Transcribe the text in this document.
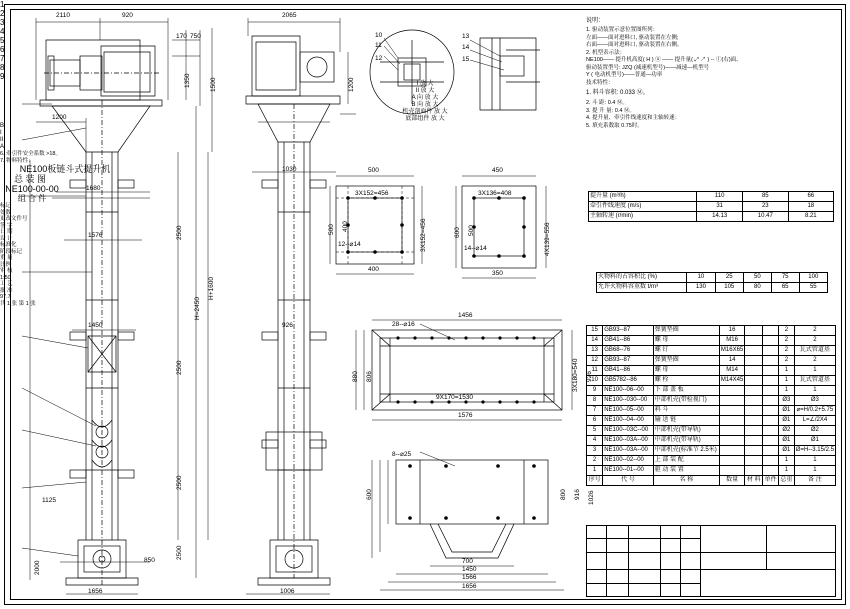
1
2
3
4
5
6
7
8
9
2110	920
170 750
1350	1500
1200
1680
2500
1576
H+1600
H=2450
1450
2500
2500
1125
2000
2500
850
1656
2065
1200
1030
926
1006
10
11
12
13
14
15
I 放 大
II 放 大
A 向 放 大
B 向 放 大
机壳剖面件 放 大
底部组件 放 大
500
3X152=456
500 400	3X152=456
12--⌀14
400
450
3X136=408
600 500	4X139=556
14--⌀14
350
1456
28--⌀16
880 806	3X180=540 926
9X170=1530
1576
8--⌀25
600	800 916 1026
700
1450
1566
1656
B
I
II
A
说明：
1. 驱动装置示意位置图所列：
左面——面对进料口, 驱动装置在左侧;
右面——面对进料口, 驱动装置在右侧。
2. 机型表示法：
NE100—— 提升机高度( H ) ⓤ —— 提升量( ⤢ ↗ ) -- ⓛ(右)面、
驱动装置型号: JZQ (减速机型号)——减速—机型号
Y ( 电动机型号)——普通—功率
技术特性：
1. 料斗容积: 0.033 Ⓜ。
2. 斗 距: 0.4 Ⓜ。
3. 提 升 量: 0.4 Ⓜ。
4. 提升量、牵引件线速度和主轴转速：
5. 填充系数取 0.75时。
提升量 (m³/h)	110	85	66
牵引件线速度 (m/s)	31	23	18
主轴转速 (r/min)	14.13	10.47	8.21
6. 牵引件安全系数 >18。
7. 物料特性：
火物料的占容积比 (%)	10	25	50	75	100
允许火物料容重数 t/m³	130	105	80	65	55
15	GB93--87	弹簧垫圈	16			2	2
14	GB41--86	螺 母	M16			2	2
13	GB68--76	螺 钉	M16X65			2	瓦式管道基
12	GB93--87	弹簧垫圈	14			2	2
11	GB41--86	螺 母	M14			1	1
10	GB5782--86	螺 栓	M14X45			1	瓦式管道基
9	NE100--06--00	下 部 盖 板				1	1
8	NE100--030--00	中部机壳(带检视门)				Ø3	Ø3
7	NE100--05--00	料 斗				Ø1	⌀=H/0.2+5.75
6	NE100--04--00	输 送 链				Ø1	L=∠/2X4
5	NE100--03C--00	中部机壳(带导轨)				Ø2	Ø2
4	NE100--03A--00	中部机壳(带导轨)				Ø1	Ø1
3	NE100--03A--00	中部机壳(标准节 2.5米)				Ø1	Ø=H--3.15/2.5
2	NE100--02--00	上 部 装 配				1	1
1	NE100--01--00	驱 动 装 置				1	1
序号	代 号	名 称	数量	材 料	单件	总重	备 注
NE100板链斗式提升机
总 装 图
NE100-00-00
组 合 件
标记
处数
更改文件号
签 字
日 期
设 计
标准化
阶段标记
重 量
比例
审 核
1:50
工 艺
批 准
97.7
共 1 张 第 1 张
